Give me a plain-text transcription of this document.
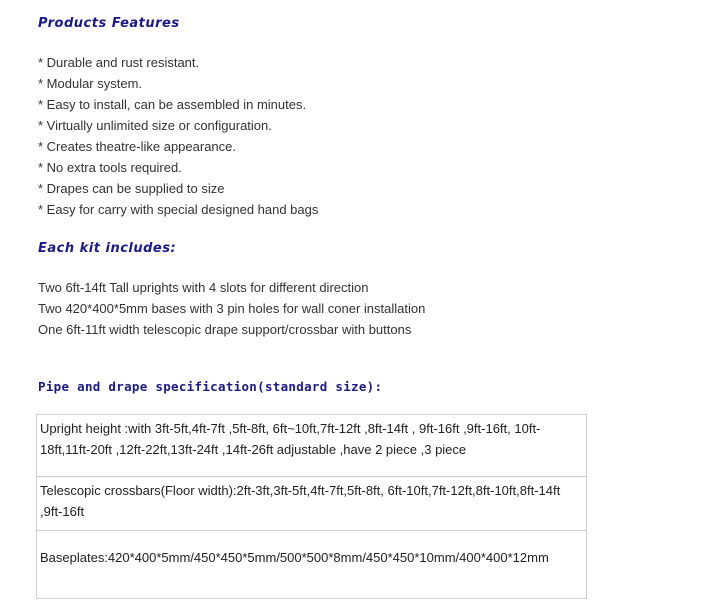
Products Features
* Durable and rust resistant.
* Modular system.
* Easy to install, can be assembled in minutes.
* Virtually unlimited size or configuration.
* Creates theatre-like appearance.
* No extra tools required.
* Drapes can be supplied to size
* Easy for carry with special designed hand bags
Each kit includes:
Two 6ft-14ft Tall uprights with 4 slots for different direction
Two 420*400*5mm bases with 3 pin holes for wall coner installation
One 6ft-11ft width telescopic drape support/crossbar with buttons
Pipe and drape specification(standard size):
Upright height :with 3ft-5ft,4ft-7ft ,5ft-8ft, 6ft~10ft,7ft-12ft ,8ft-14ft , 9ft-16ft ,9ft-16ft, 10ft-18ft,11ft-20ft ,12ft-22ft,13ft-24ft ,14ft-26ft adjustable ,have 2 piece ,3 piece
Telescopic crossbars(Floor width):2ft-3ft,3ft-5ft,4ft-7ft,5ft-8ft, 6ft-10ft,7ft-12ft,8ft-10ft,8ft-14ft ,9ft-16ft
Baseplates:420*400*5mm/450*450*5mm/500*500*8mm/450*450*10mm/400*400*12mm
